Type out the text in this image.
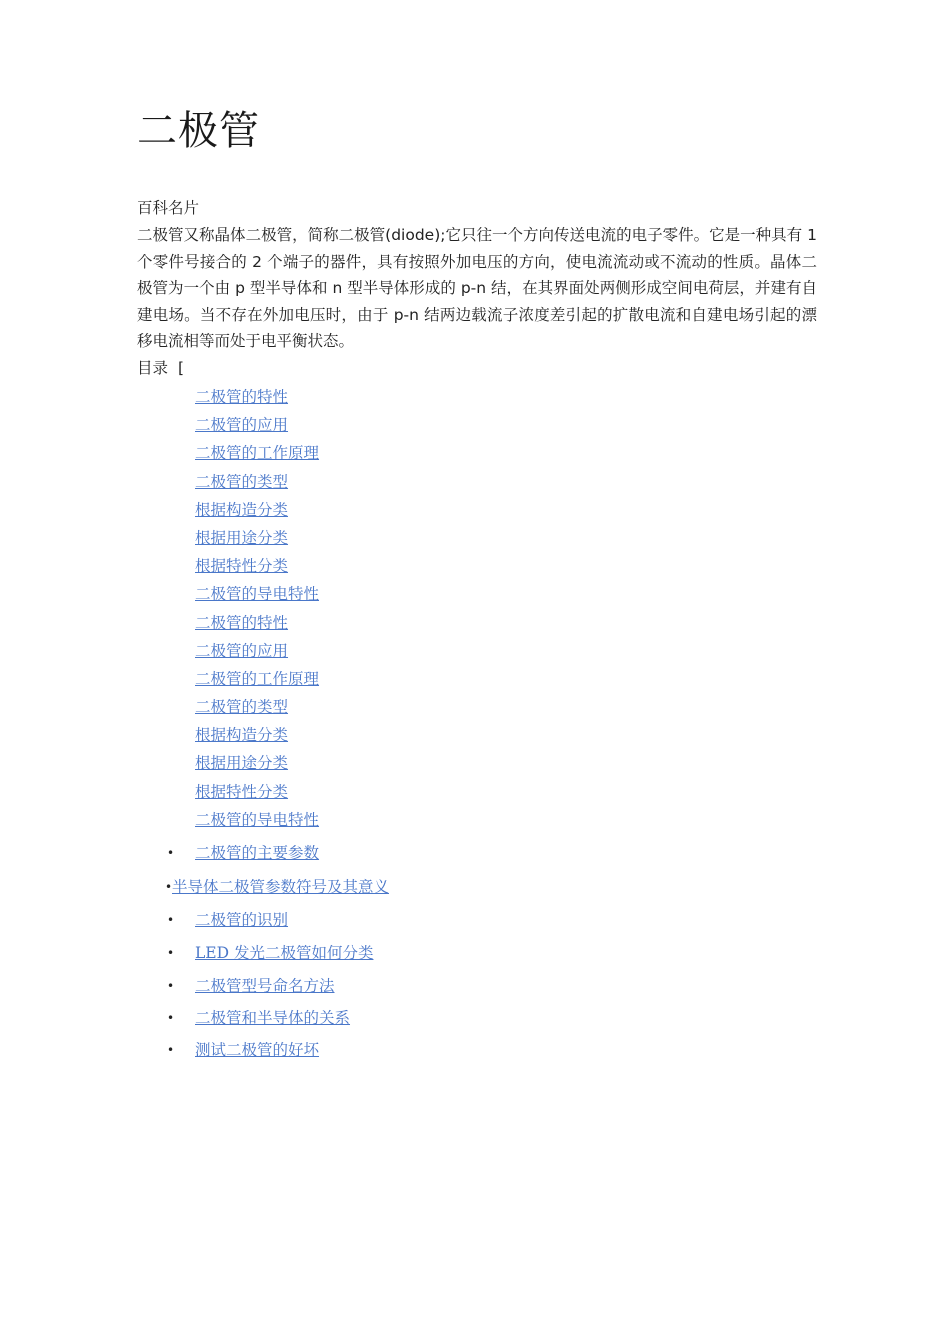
二极管
百科名片

二极管又称晶体二极管，简称二极管(diode);它只往一个方向传送电流的电子零件。它是一种具有 1 个零件号接合的 2 个端子的器件，具有按照外加电压的方向，使电流流动或不流动的性质。晶体二极管为一个由 p 型半导体和 n 型半导体形成的 p-n 结，在其界面处两侧形成空间电荷层，并建有自建电场。当不存在外加电压时，由于 p-n 结两边载流子浓度差引起的扩散电流和自建电场引起的漂移电流相等而处于电平衡状态。

目录 [
二极管的特性
二极管的应用
二极管的工作原理
二极管的类型
根据构造分类
根据用途分类
根据特性分类
二极管的导电特性
二极管的特性
二极管的应用
二极管的工作原理
二极管的类型
根据构造分类
根据用途分类
根据特性分类
二极管的导电特性
• 二极管的主要参数
• 半导体二极管参数符号及其意义
• 二极管的识别
• LED 发光二极管如何分类
• 二极管型号命名方法
• 二极管和半导体的关系
• 测试二极管的好坏
